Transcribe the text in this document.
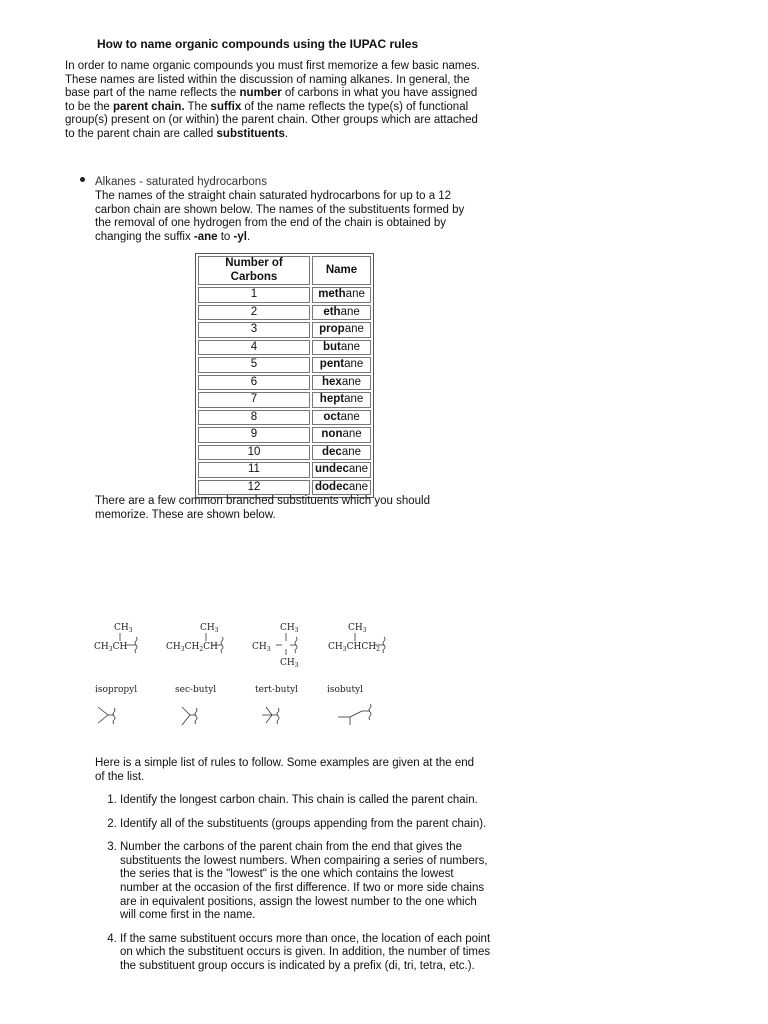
How to name organic compounds using the IUPAC rules
In order to name organic compounds you must first memorize a few basic names. These names are listed within the discussion of naming alkanes. In general, the base part of the name reflects the number of carbons in what you have assigned to be the parent chain. The suffix of the name reflects the type(s) of functional group(s) present on (or within) the parent chain. Other groups which are attached to the parent chain are called substituents.
Alkanes - saturated hydrocarbons
The names of the straight chain saturated hydrocarbons for up to a 12 carbon chain are shown below. The names of the substituents formed by the removal of one hydrogen from the end of the chain is obtained by changing the suffix -ane to -yl.
Number of Carbons	Name
1	methane
2	ethane
3	propane
4	butane
5	pentane
6	hexane
7	heptane
8	octane
9	nonane
10	decane
11	undecane
12	dodecane
There are a few common branched substituents which you should memorize. These are shown below.
$CH_3$
$CH_3CH$
$CH_3$
$CH_3CH_2CH$
$CH_3$
$CH_3$
$CH_3$
$CH_3$
$CH_3CHCH_2$
isopropyl	sec-butyl	tert-butyl	isobutyl
Here is a simple list of rules to follow. Some examples are given at the end of the list.
1. Identify the longest carbon chain. This chain is called the parent chain.
2. Identify all of the substituents (groups appending from the parent chain).
3. Number the carbons of the parent chain from the end that gives the substituents the lowest numbers. When compairing a series of numbers, the series that is the "lowest" is the one which contains the lowest number at the occasion of the first difference. If two or more side chains are in equivalent positions, assign the lowest number to the one which will come first in the name.
4. If the same substituent occurs more than once, the location of each point on which the substituent occurs is given. In addition, the number of times the substituent group occurs is indicated by a prefix (di, tri, tetra, etc.).
